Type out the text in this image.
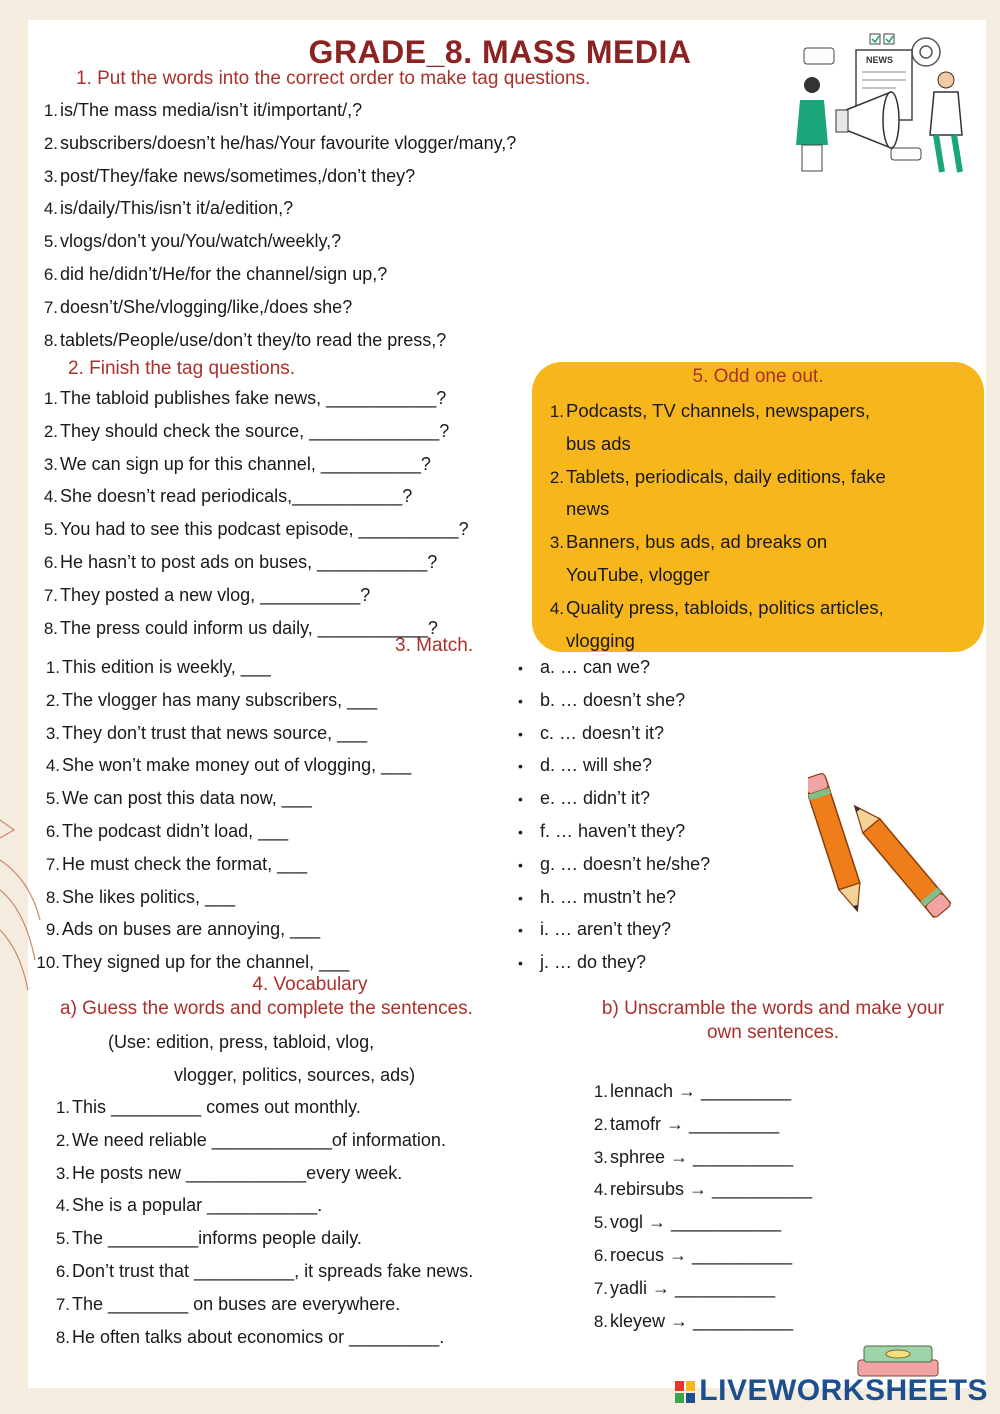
GRADE_8. MASS MEDIA	NEWS
1. Put the words into the correct order to make tag questions.
1. is/The mass media/isn’t it/important/,?
2. subscribers/doesn’t he/has/Your favourite vlogger/many,?
3. post/They/fake news/sometimes,/don’t they?
4. is/daily/This/isn’t it/a/edition,?
5. vlogs/don’t you/You/watch/weekly,?
6. did he/didn’t/He/for the channel/sign up,?
7. doesn’t/She/vlogging/like,/does she?
8. tablets/People/use/don’t they/to read the press,?
2. Finish the tag questions.
1. The tabloid publishes fake news, ___________?
2. They should check the source, _____________?
3. We can sign up for this channel, __________?
4. She doesn’t read periodicals,___________?
5. You had to see this podcast episode, __________?
6. He hasn’t to post ads on buses, ___________?
7. They posted a new vlog, __________?
8. The press could inform us daily, ___________?
5. Odd one out.
1. Podcasts, TV channels, newspapers,
bus ads
2. Tablets, periodicals, daily editions, fake
news
3. Banners, bus ads, ad breaks on
YouTube, vlogger
4. Quality press, tabloids, politics articles,
vlogging
3. Match.
1. This edition is weekly, ___
2. The vlogger has many subscribers, ___
3. They don’t trust that news source, ___
4. She won’t make money out of vlogging, ___
5. We can post this data now, ___
6. The podcast didn’t load, ___
7. He must check the format, ___
8. She likes politics, ___
9. Ads on buses are annoying, ___
10. They signed up for the channel, ___
• a. … can we?
• b. … doesn’t she?
• c. … doesn’t it?
• d. … will she?
• e. … didn’t it?
• f. … haven’t they?
• g. … doesn’t he/she?
• h. … mustn’t he?
• i. … aren’t they?
• j. … do they?
4. Vocabulary
a) Guess the words and complete the sentences.
(Use: edition, press, tabloid, vlog,
vlogger, politics, sources, ads)
1. This _________ comes out monthly.
2. We need reliable ____________of information.
3. He posts new ____________every week.
4. She is a popular ___________.
5. The _________informs people daily.
6. Don’t trust that __________, it spreads fake news.
7. The ________ on buses are everywhere.
8. He often talks about economics or _________.
b) Unscramble the words and make your
own sentences.
1. lennach → _________
2. tamofr → _________
3. sphree → __________
4. rebirsubs → __________
5. vogl → ___________
6. roecus → __________
7. yadli → __________
8. kleyew → __________
LIVEWORKSHEETS
